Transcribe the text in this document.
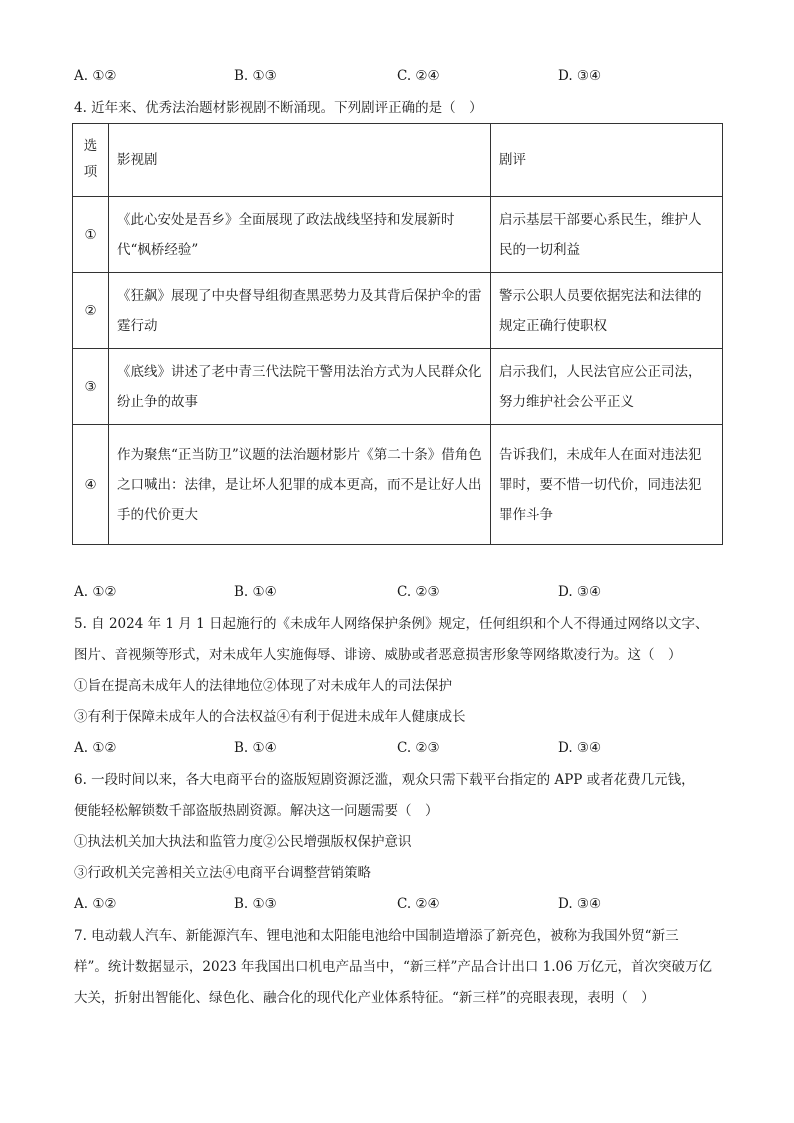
A. ①②	B. ①③	C. ②④	D. ③④
4. 近年来、优秀法治题材影视剧不断涌现。下列剧评正确的是（　）
选项	影视剧	剧评
①	《此心安处是吾乡》全面展现了政法战线坚持和发展新时代“枫桥经验”	启示基层干部要心系民生，维护人民的一切利益
②	《狂飙》展现了中央督导组彻查黑恶势力及其背后保护伞的雷霆行动	警示公职人员要依据宪法和法律的规定正确行使职权
③	《底线》讲述了老中青三代法院干警用法治方式为人民群众化纷止争的故事	启示我们，人民法官应公正司法，努力维护社会公平正义
④	作为聚焦“正当防卫”议题的法治题材影片《第二十条》借角色之口喊出：法律，是让坏人犯罪的成本更高，而不是让好人出手的代价更大	告诉我们，未成年人在面对违法犯罪时，要不惜一切代价，同违法犯罪作斗争
A. ①②	B. ①④	C. ②③	D. ③④
5. 自 2024 年 1 月 1 日起施行的《未成年人网络保护条例》规定，任何组织和个人不得通过网络以文字、
图片、音视频等形式，对未成年人实施侮辱、诽谤、威胁或者恶意损害形象等网络欺凌行为。这（　）
①旨在提高未成年人的法律地位②体现了对未成年人的司法保护
③有利于保障未成年人的合法权益④有利于促进未成年人健康成长
A. ①②	B. ①④	C. ②③	D. ③④
6. 一段时间以来，各大电商平台的盗版短剧资源泛滥，观众只需下载平台指定的 APP 或者花费几元钱，
便能轻松解锁数千部盗版热剧资源。解决这一问题需要（　）
①执法机关加大执法和监管力度②公民增强版权保护意识
③行政机关完善相关立法④电商平台调整营销策略
A. ①②	B. ①③	C. ②④	D. ③④
7. 电动载人汽车、新能源汽车、锂电池和太阳能电池给中国制造增添了新亮色，被称为我国外贸“新三
样”。统计数据显示，2023 年我国出口机电产品当中，“新三样”产品合计出口 1.06 万亿元，首次突破万亿
大关，折射出智能化、绿色化、融合化的现代化产业体系特征。“新三样”的亮眼表现，表明（　）
